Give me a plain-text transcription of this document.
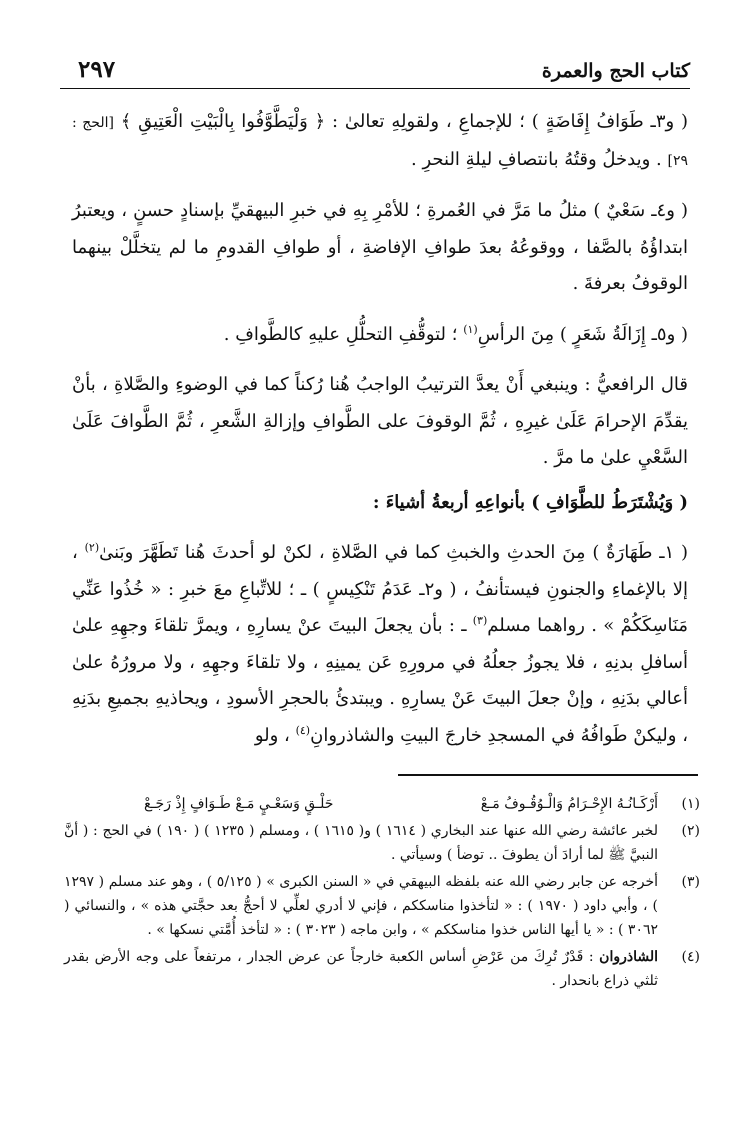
كتاب الحج والعمرة
٢٩٧

( و٣ـ طَوَافُ إِفَاضَةٍ ) ؛ للإجماعِ ، ولقولِهِ تعالىٰ : ﴿ وَلْيَطَّوَّفُوا بِالْبَيْتِ الْعَتِيقِ ﴾ [الحج : ٢٩] . ويدخلُ وقتُهُ بانتصافِ ليلةِ النحرِ .

( و٤ـ سَعْيٌ ) مثلُ ما مَرَّ في العُمرةِ ؛ للأمْرِ بِهِ في خبرِ البيهقيِّ بإسنادٍ حسنٍ ، ويعتبرُ ابتداؤُهُ بالصَّفا ، ووقوعُهُ بعدَ طوافِ الإفاضةِ ، أو طوافِ القدومِ ما لم يتخلَّلْ بينهما الوقوفُ بعرفةَ .

( و٥ـ إِزَالَةُ شَعَرٍ ) مِنَ الرأسِ$^{(١)}$ ؛ لتوقُّفِ التحلُّلِ عليهِ كالطَّوافِ .

قال الرافعيُّ : وينبغي أَنْ يعدَّ الترتيبُ الواجبُ هُنا رُكناً كما في الوضوءِ والصَّلاةِ ، بأنْ يقدِّمَ الإحرامَ عَلَىٰ غيرِهِ ، ثُمَّ الوقوفَ على الطَّوافِ وإزالةِ الشَّعرِ ، ثُمَّ الطَّوافَ عَلَىٰ السَّعْيِ علىٰ ما مرَّ .

( وَيُشْتَرَطُ للطَّوَافِ ) بأنواعِهِ أربعةُ أشياءَ :

( ١ـ طَهَارَةٌ ) مِنَ الحدثِ والخبثِ كما في الصَّلاةِ ، لكنْ لو أحدثَ هُنا تَطَهَّرَ وبَنىٰ$^{(٢)}$ ، إلا بالإغماءِ والجنونِ فيستأنفُ ، ( و٢ـ عَدَمُ تَنْكِيسٍ ) ـ ؛ للاتِّباعِ معَ خبرِ : « خُذُوا عَنِّي مَنَاسِكَكُمْ » . رواهما مسلم$^{(٣)}$ ـ : بأن يجعلَ البيتَ عنْ يسارِهِ ، ويمرَّ تلقاءَ وجهِهِ علىٰ أسافلِ بدنِهِ ، فلا يجوزُ جعلُهُ في مرورِهِ عَن يمينِهِ ، ولا تلقاءَ وجهِهِ ، ولا مرورُهُ علىٰ أعالي بدَنِهِ ، وإنْ جعلَ البيتَ عَنْ يسارِهِ . ويبتدئُ بالحجرِ الأسودِ ، ويحاذيهِ بجميعِ بدَنِهِ ، وليكنْ طَوافُهُ في المسجدِ خارجَ البيتِ والشاذروانِ$^{(٤)}$ ، ولو

(١)
أَرْكَـانُـهُ الإِحْـرَامُ وَالْـوُقُـوفُ مَـعْ
حَلْـقٍ وَسَعْـيٍ مَـعْ طَـوَافٍ إِذْ رَجَـعْ
(٢)
لخبر عائشة رضي الله عنها عند البخاري ( ١٦١٤ ) و( ١٦١٥ ) ، ومسلم ( ١٢٣٥ ) ( ١٩٠ ) في الحج : ( أنَّ النبيَّ ﷺ لما أرادَ أن يطوفَ .. توضأ ) وسيأتي .
(٣)
أخرجه عن جابر رضي الله عنه بلفظه البيهقي في « السنن الكبرى » ( ٥/١٢٥ ) ، وهو عند مسلم ( ١٢٩٧ ) ، وأبي داود ( ١٩٧٠ ) : « لتأخذوا مناسككم ، فإني لا أدري لعلِّي لا أحجُّ بعد حجَّتي هذه » ، والنسائي ( ٣٠٦٢ ) : « يا أيها الناس خذوا مناسككم » ، وابن ماجه ( ٣٠٢٣ ) : « لتأخذ أُمَّتي نسكها » .
(٤)
الشاذروان : قَدْرٌ تُرِكَ من عَرْضِ أساس الكعبة خارجاً عن عرض الجدار ، مرتفعاً على وجه الأرض بقدر ثلثي ذراع بانحدار .
